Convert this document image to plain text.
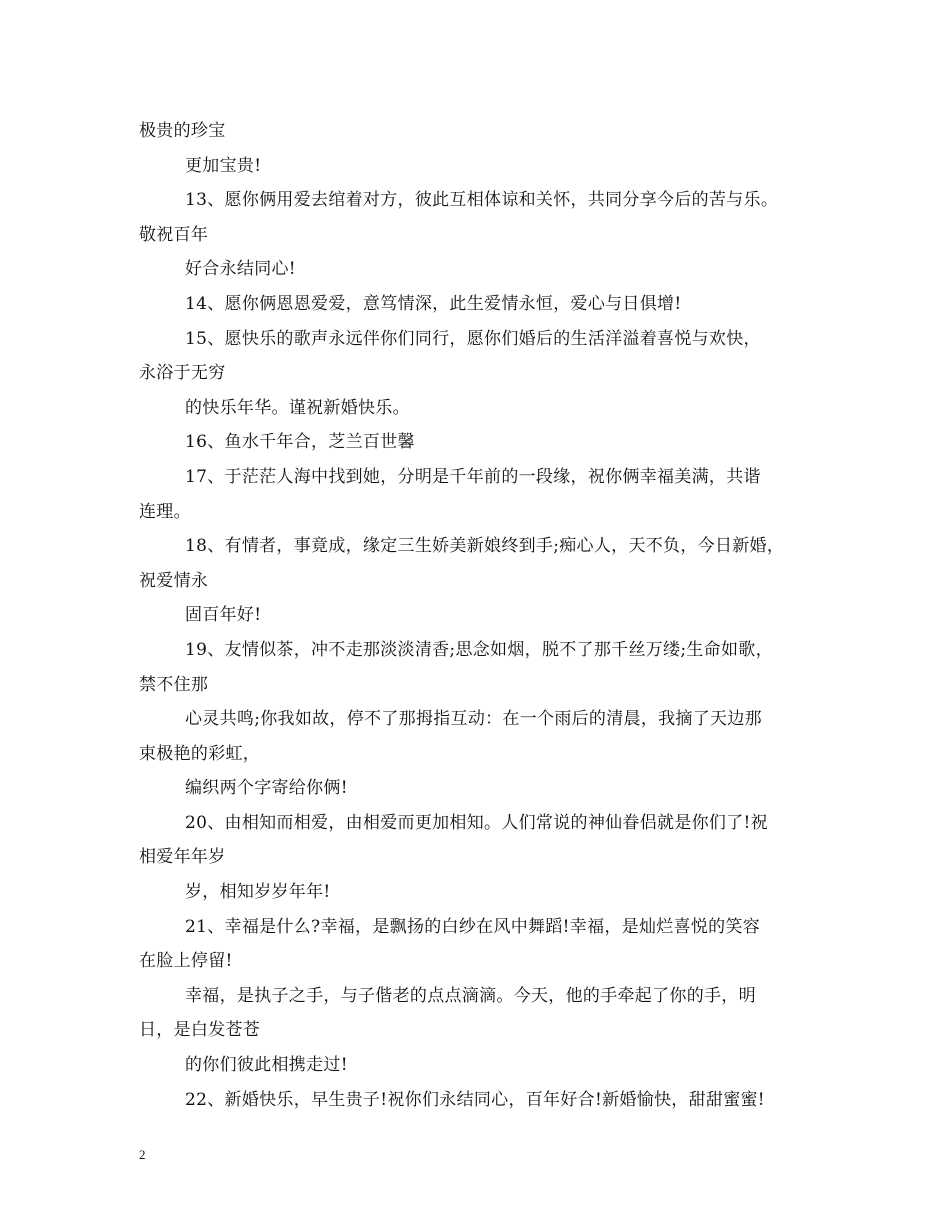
极贵的珍宝
更加宝贵!
13、愿你俩用爱去绾着对方，彼此互相体谅和关怀，共同分享今后的苦与乐。
敬祝百年
好合永结同心!
14、愿你俩恩恩爱爱，意笃情深，此生爱情永恒，爱心与日俱增!
15、愿快乐的歌声永远伴你们同行，愿你们婚后的生活洋溢着喜悦与欢快，
永浴于无穷
的快乐年华。谨祝新婚快乐。
16、鱼水千年合，芝兰百世馨
17、于茫茫人海中找到她，分明是千年前的一段缘，祝你俩幸福美满，共谐
连理。
18、有情者，事竟成，缘定三生娇美新娘终到手;痴心人，天不负，今日新婚，
祝爱情永
固百年好!
19、友情似茶，冲不走那淡淡清香;思念如烟，脱不了那千丝万缕;生命如歌，
禁不住那
心灵共鸣;你我如故，停不了那拇指互动：在一个雨后的清晨，我摘了天边那
束极艳的彩虹，
编织两个字寄给你俩!
20、由相知而相爱，由相爱而更加相知。人们常说的神仙眷侣就是你们了!祝
相爱年年岁
岁，相知岁岁年年!
21、幸福是什么?幸福，是飘扬的白纱在风中舞蹈!幸福，是灿烂喜悦的笑容
在脸上停留!
幸福，是执子之手，与子偕老的点点滴滴。今天，他的手牵起了你的手，明
日，是白发苍苍
的你们彼此相携走过!
22、新婚快乐，早生贵子!祝你们永结同心，百年好合!新婚愉快，甜甜蜜蜜!
2
